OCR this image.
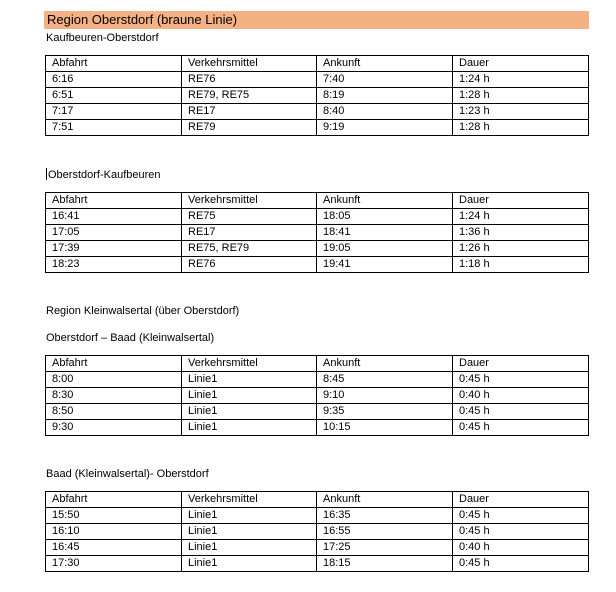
Region Oberstdorf (braune Linie)
Kaufbeuren-Oberstdorf
Abfahrt	Verkehrsmittel	Ankunft	Dauer
6:16	RE76	7:40	1:24 h
6:51	RE79, RE75	8:19	1:28 h
7:17	RE17	8:40	1:23 h
7:51	RE79	9:19	1:28 h
Oberstdorf-Kaufbeuren
Abfahrt	Verkehrsmittel	Ankunft	Dauer
16:41	RE75	18:05	1:24 h
17:05	RE17	18:41	1:36 h
17:39	RE75, RE79	19:05	1:26 h
18:23	RE76	19:41	1:18 h
Region Kleinwalsertal (über Oberstdorf)
Oberstdorf – Baad (Kleinwalsertal)
Abfahrt	Verkehrsmittel	Ankunft	Dauer
8:00	Linie1	8:45	0:45 h
8:30	Linie1	9:10	0:40 h
8:50	Linie1	9:35	0:45 h
9:30	Linie1	10:15	0:45 h
Baad (Kleinwalsertal)- Oberstdorf
Abfahrt	Verkehrsmittel	Ankunft	Dauer
15:50	Linie1	16:35	0:45 h
16:10	Linie1	16:55	0:45 h
16:45	Linie1	17:25	0:40 h
17:30	Linie1	18:15	0:45 h
